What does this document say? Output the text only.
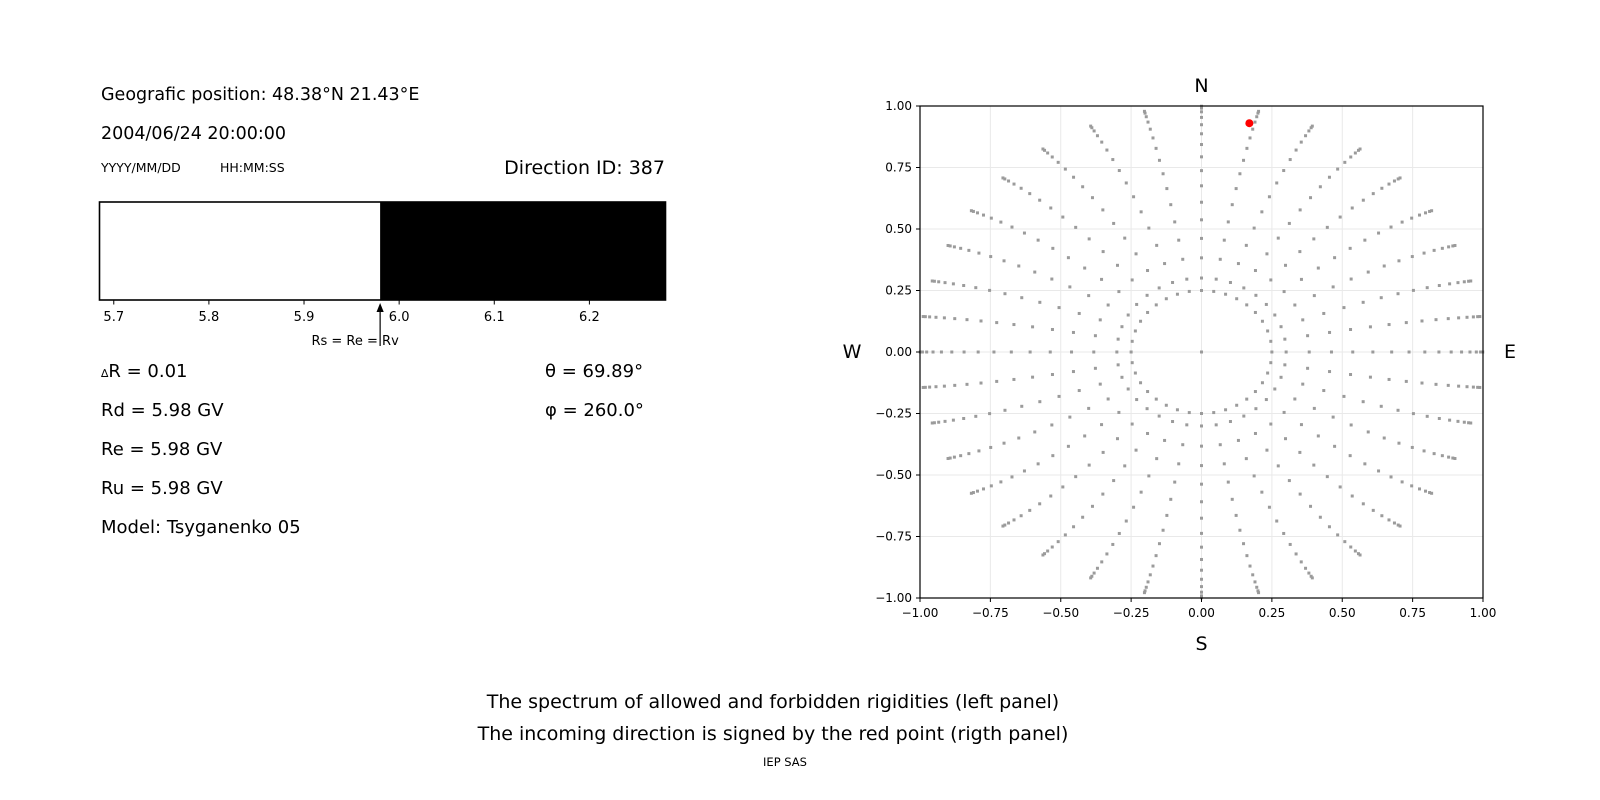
Geografic position: 48.38°N 21.43°E
2004/06/24 20:00:00
YYYY/MM/DD	HH:MM:SS	Direction ID: 387
5.7	5.8	5.9	6.0	6.1	6.2
Rs = Re = Rv
∆R = 0.01
Rd = 5.98 GV
Re = 5.98 GV
Ru = 5.98 GV
Model: Tsyganenko 05
θ = 69.89°
φ = 260.0°
−1.00	−0.75	−0.50	−0.25	0.00	0.25	0.50	0.75	1.00
1.00
0.75
0.50
0.25
0.00
−0.25
−0.50
−0.75
−1.00
N
S
W	E
The spectrum of allowed and forbidden rigidities (left panel)
The incoming direction is signed by the red point (rigth panel)
IEP SAS
